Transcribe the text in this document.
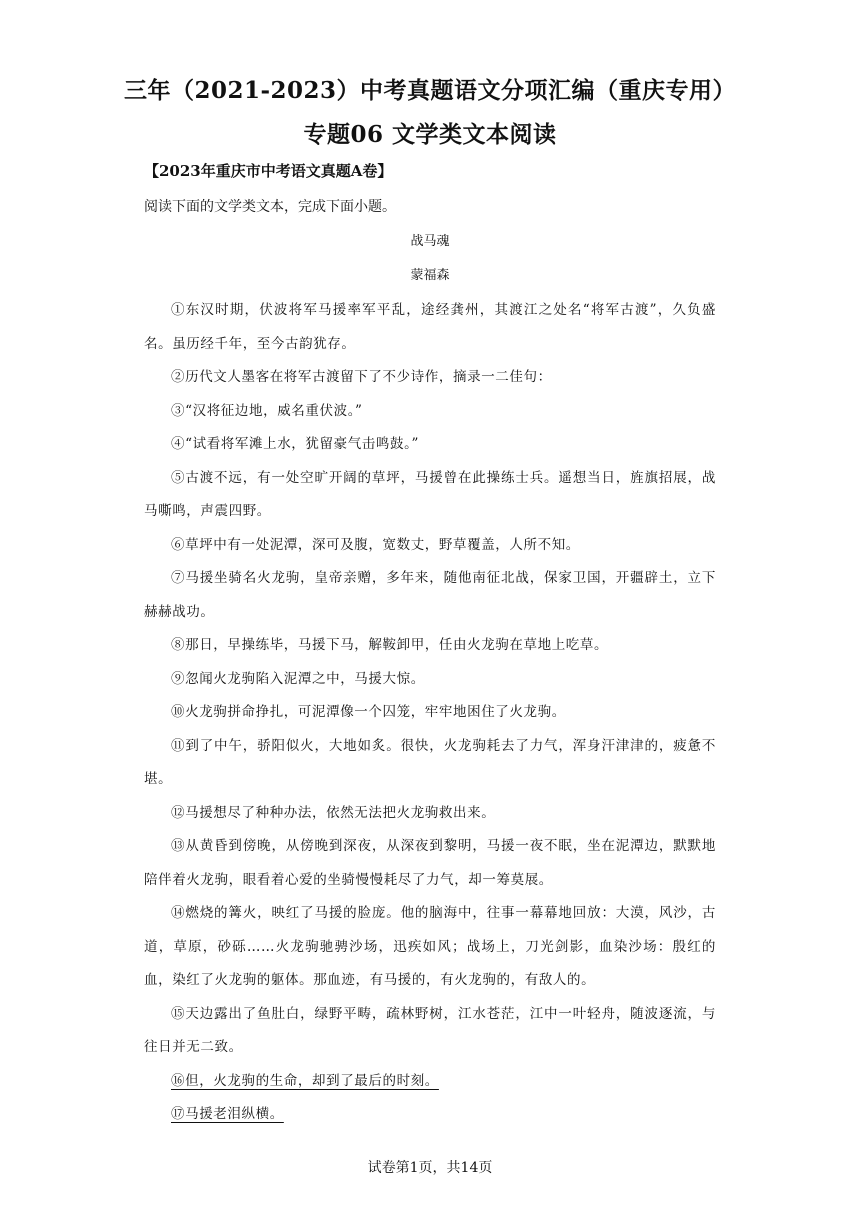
三年（2021-2023）中考真题语文分项汇编（重庆专用）
专题06 文学类文本阅读
【2023年重庆市中考语文真题A卷】
阅读下面的文学类文本，完成下面小题。
战马魂
蒙福森

①东汉时期，伏波将军马援率军平乱，途经龚州，其渡江之处名“将军古渡”，久负盛名。虽历经千年，至今古韵犹存。

②历代文人墨客在将军古渡留下了不少诗作，摘录一二佳句：

③“汉将征边地，威名重伏波。”

④“试看将军滩上水，犹留豪气击鸣鼓。”

⑤古渡不远，有一处空旷开阔的草坪，马援曾在此操练士兵。遥想当日，旌旗招展，战马嘶鸣，声震四野。

⑥草坪中有一处泥潭，深可及腹，宽数丈，野草覆盖，人所不知。

⑦马援坐骑名火龙驹，皇帝亲赠，多年来，随他南征北战，保家卫国，开疆辟土，立下赫赫战功。

⑧那日，早操练毕，马援下马，解鞍卸甲，任由火龙驹在草地上吃草。

⑨忽闻火龙驹陷入泥潭之中，马援大惊。

⑩火龙驹拼命挣扎，可泥潭像一个囚笼，牢牢地困住了火龙驹。

⑪到了中午，骄阳似火，大地如炙。很快，火龙驹耗去了力气，浑身汗津津的，疲惫不堪。

⑫马援想尽了种种办法，依然无法把火龙驹救出来。

⑬从黄昏到傍晚，从傍晚到深夜，从深夜到黎明，马援一夜不眠，坐在泥潭边，默默地陪伴着火龙驹，眼看着心爱的坐骑慢慢耗尽了力气，却一筹莫展。

⑭燃烧的篝火，映红了马援的脸庞。他的脑海中，往事一幕幕地回放：大漠，风沙，古道，草原，砂砾……火龙驹驰骋沙场，迅疾如风；战场上，刀光剑影，血染沙场：殷红的血，染红了火龙驹的躯体。那血迹，有马援的，有火龙驹的，有敌人的。

⑮天边露出了鱼肚白，绿野平畴，疏林野树，江水苍茫，江中一叶轻舟，随波逐流，与往日并无二致。

⑯但，火龙驹的生命，却到了最后的时刻。

⑰马援老泪纵横。

试卷第1页，共14页
